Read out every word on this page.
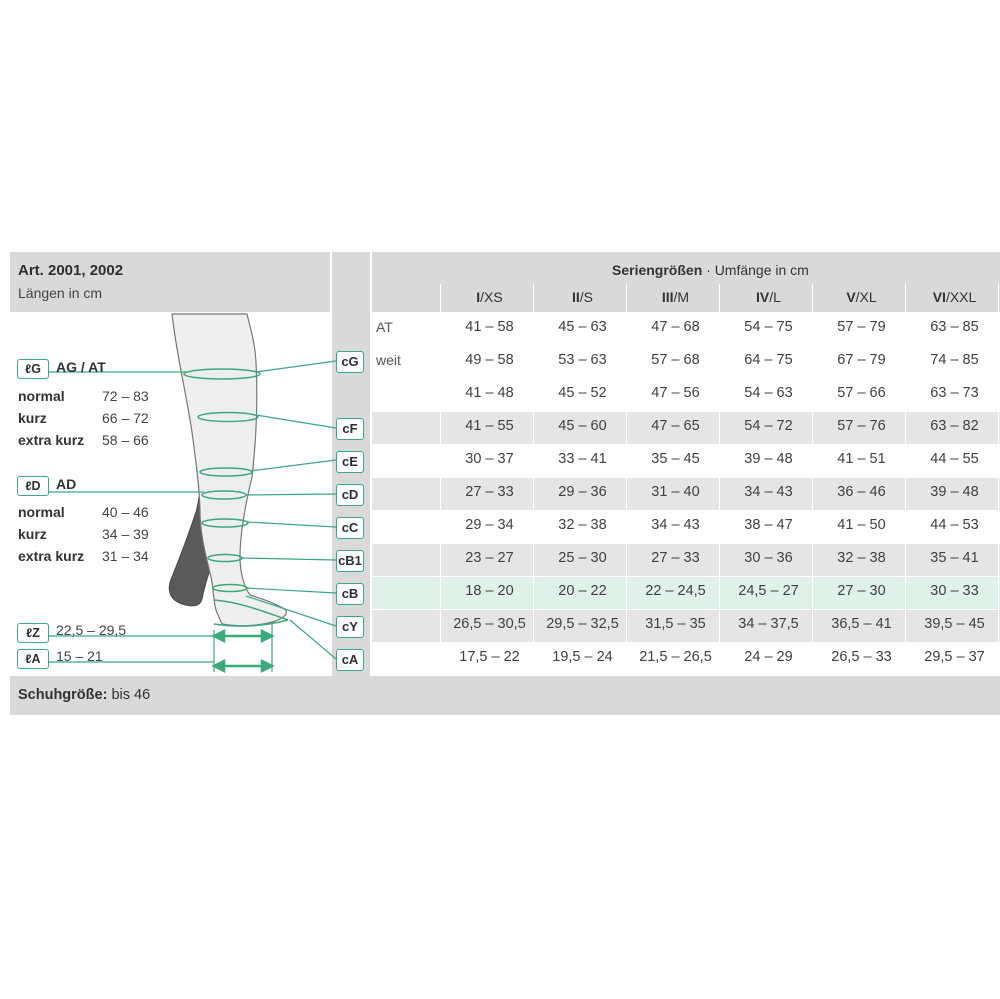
Art. 2001, 2002
Längen in cm
Seriengrößen · Umfänge in cm
I/XS	II/S	III/M	IV/L	V/XL	VI/XXL
AT	41 – 58	45 – 63	47 – 68	54 – 75	57 – 79	63 – 85
weit	49 – 58	53 – 63	57 – 68	64 – 75	67 – 79	74 – 85
41 – 48	45 – 52	47 – 56	54 – 63	57 – 66	63 – 73
41 – 55	45 – 60	47 – 65	54 – 72	57 – 76	63 – 82
30 – 37	33 – 41	35 – 45	39 – 48	41 – 51	44 – 55
27 – 33	29 – 36	31 – 40	34 – 43	36 – 46	39 – 48
29 – 34	32 – 38	34 – 43	38 – 47	41 – 50	44 – 53
23 – 27	25 – 30	27 – 33	30 – 36	32 – 38	35 – 41
18 – 20	20 – 22	22 – 24,5	24,5 – 27	27 – 30	30 – 33
26,5 – 30,5	29,5 – 32,5	31,5 – 35	34 – 37,5	36,5 – 41	39,5 – 45
17,5 – 22	19,5 – 24	21,5 – 26,5	24 – 29	26,5 – 33	29,5 – 37
cG
cF
cE
cD
cC
cB1
cB
cY
cA
ℓG	AG / AT
normal	72 – 83
kurz	66 – 72
extra kurz 58 – 66
ℓD	AD
normal	40 – 46
kurz	34 – 39
extra kurz 31 – 34
ℓZ	22,5 – 29,5
ℓA	15 – 21
Schuhgröße: bis 46
